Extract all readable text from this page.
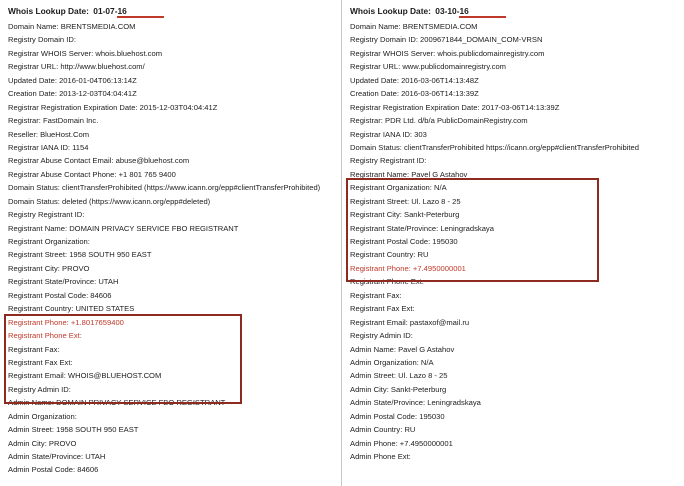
Whois Lookup Date: 01-07-16
Domain Name: BRENTSMEDIA.COM
Registry Domain ID:
Registrar WHOIS Server: whois.bluehost.com
Registrar URL: http://www.bluehost.com/
Updated Date: 2016-01-04T06:13:14Z
Creation Date: 2013-12-03T04:04:41Z
Registrar Registration Expiration Date: 2015-12-03T04:04:41Z
Registrar: FastDomain Inc.
Reseller: BlueHost.Com
Registrar IANA ID: 1154
Registrar Abuse Contact Email: abuse@bluehost.com
Registrar Abuse Contact Phone: +1 801 765 9400
Domain Status: clientTransferProhibited (https://www.icann.org/epp#clientTransferProhibited)
Domain Status: deleted (https://www.icann.org/epp#deleted)
Registry Registrant ID:
Registrant Name: DOMAIN PRIVACY SERVICE FBO REGISTRANT
Registrant Organization:
Registrant Street: 1958 SOUTH 950 EAST
Registrant City: PROVO
Registrant State/Province: UTAH
Registrant Postal Code: 84606
Registrant Country: UNITED STATES
Registrant Phone: +1.8017659400
Registrant Phone Ext:
Registrant Fax:
Registrant Fax Ext:
Registrant Email: WHOIS@BLUEHOST.COM
Registry Admin ID:
Admin Name: DOMAIN PRIVACY SERVICE FBO REGISTRANT
Admin Organization:
Admin Street: 1958 SOUTH 950 EAST
Admin City: PROVO
Admin State/Province: UTAH
Admin Postal Code: 84606
Whois Lookup Date: 03-10-16
Domain Name: BRENTSMEDIA.COM
Registry Domain ID: 2009671844_DOMAIN_COM-VRSN
Registrar WHOIS Server: whois.publicdomainregistry.com
Registrar URL: www.publicdomainregistry.com
Updated Date: 2016-03-06T14:13:48Z
Creation Date: 2016-03-06T14:13:39Z
Registrar Registration Expiration Date: 2017-03-06T14:13:39Z
Registrar: PDR Ltd. d/b/a PublicDomainRegistry.com
Registrar IANA ID: 303
Domain Status: clientTransferProhibited https://icann.org/epp#clientTransferProhibited
Registry Registrant ID:
Registrant Name: Pavel G Astahov
Registrant Organization: N/A
Registrant Street: Ul. Lazo 8 - 25
Registrant City: Sankt-Peterburg
Registrant State/Province: Leningradskaya
Registrant Postal Code: 195030
Registrant Country: RU
Registrant Phone: +7.4950000001
Registrant Phone Ext:
Registrant Fax:
Registrant Fax Ext:
Registrant Email: pastaxof@mail.ru
Registry Admin ID:
Admin Name: Pavel G Astahov
Admin Organization: N/A
Admin Street: Ul. Lazo 8 - 25
Admin City: Sankt-Peterburg
Admin State/Province: Leningradskaya
Admin Postal Code: 195030
Admin Country: RU
Admin Phone: +7.4950000001
Admin Phone Ext:
